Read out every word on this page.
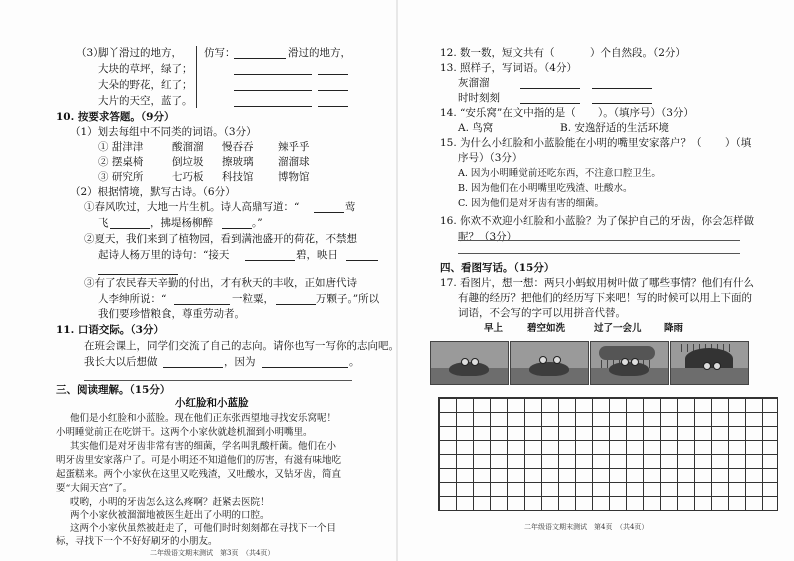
（3）
脚丫滑过的地方，
大块的草坪，绿了；
大朵的野花，红了；
大片的天空，蓝了。
仿写：	滑过的地方，
10. 按要求答题。（9分）
（1）划去每组中不同类的词语。（3分）
① 甜津津	酸溜溜 慢吞吞 辣乎乎
② 摆桌椅	倒垃圾 擦玻璃 溜溜球
③ 研究所	七巧板 科技馆 博物馆
（2）根据情境，默写古诗。（6分）
①春风吹过，大地一片生机。诗人高鼎写道：“	莺
飞	，拂堤杨柳醉	。”
②夏天，我们来到了植物园，看到满池盛开的荷花，不禁想
起诗人杨万里的诗句：“接天	碧，映日
③有了农民春天辛勤的付出，才有秋天的丰收，正如唐代诗
人李绅所说：“	一粒粟，	万颗子。”所以
我们要珍惜粮食，尊重劳动者。
11. 口语交际。（3分）
在班会课上，同学们交流了自己的志向。请你也写一写你的志向吧。
我长大以后想做	，因为	。
三、阅读理解。（15分）
小红脸和小蓝脸
他们是小红脸和小蓝脸。现在他们正东张西望地寻找安乐窝呢！
小明睡觉前正在吃饼干。这两个小家伙就趁机溜到小明嘴里。
其实他们是对牙齿非常有害的细菌，学名叫乳酸杆菌。他们在小
明牙齿里安家落户了。可是小明还不知道他们的厉害，有滋有味地吃
起蛋糕来。两个小家伙在这里又吃残渣，又吐酸水，又钻牙齿，简直
要“大闹天宫”了。
哎哟，小明的牙齿怎么这么疼啊？赶紧去医院！
两个小家伙被溜溜地被医生赶出了小明的口腔。
这两个小家伙虽然被赶走了，可他们时时刻刻都在寻找下一个目
标，寻找下一个不好好刷牙的小朋友。
二年级语文期末测试　第3页　（共4页）
12. 数一数，短文共有（	）个自然段。（2分）
13. 照样子，写词语。（4分）
灰溜溜
时时刻刻
14. “安乐窝”在文中指的是（ ）。（填序号）（3分）
A. 鸟窝	B. 安逸舒适的生活环境
15. 为什么小红脸和小蓝脸能在小明的嘴里安家落户？（ ）（填
序号）（3分）
A. 因为小明睡觉前还吃东西，不注意口腔卫生。
B. 因为他们在小明嘴里吃残渣、吐酸水。
C. 因为他们是对牙齿有害的细菌。
16. 你欢不欢迎小红脸和小蓝脸？为了保护自己的牙齿，你会怎样做
呢？（3分）
四、看图写话。（15分）
17. 看图片，想一想：两只小蚂蚁用树叶做了哪些事情？他们有什么
有趣的经历？把他们的经历写下来吧！写的时候可以用上下面的
词语，不会写的字可以用拼音代替。
早上	碧空如洗	过了一会儿 降雨
二年级语文期末测试　第4页　（共4页）
